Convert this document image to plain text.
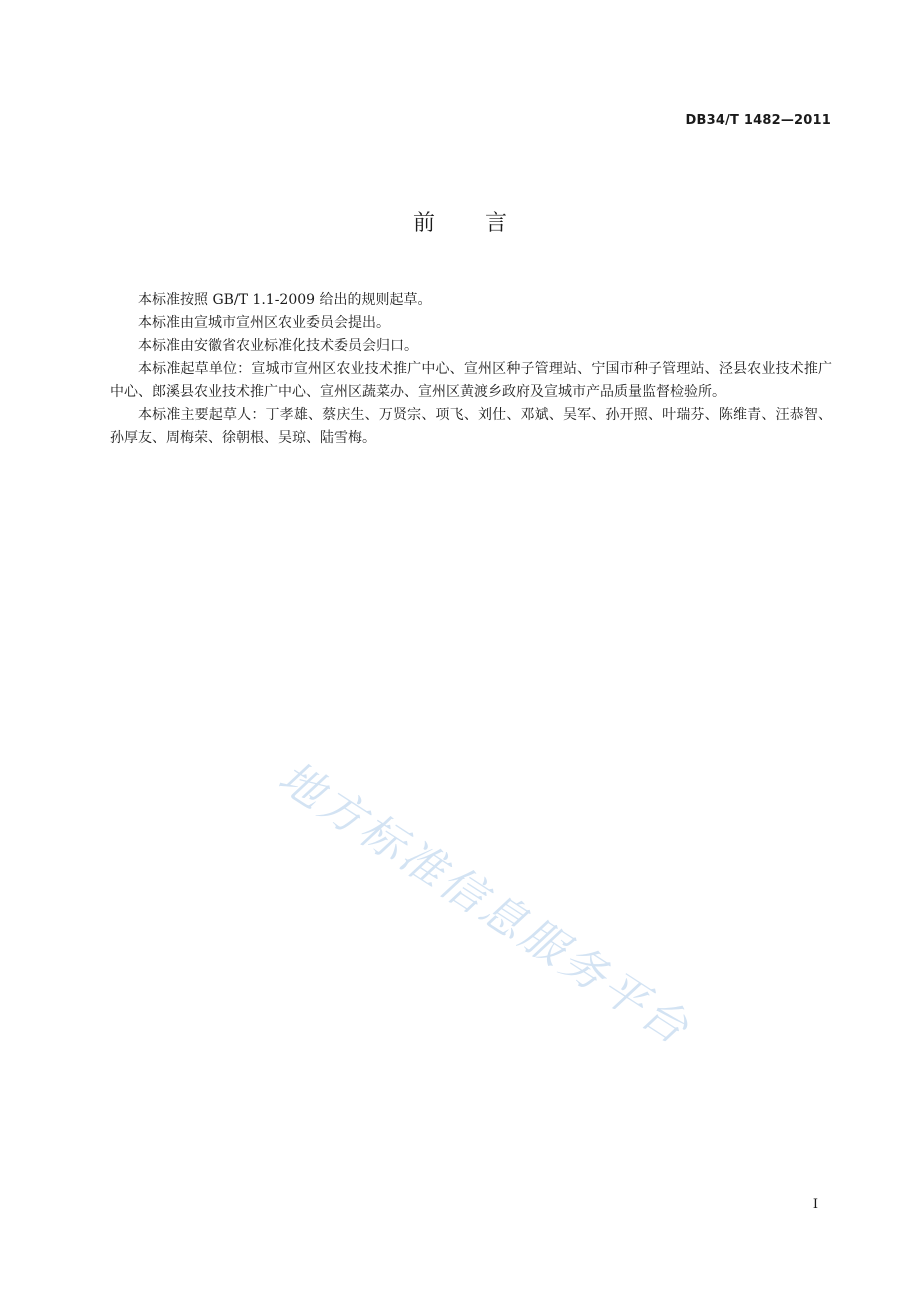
DB34/T 1482—2011
前言

本标准按照 GB/T 1.1-2009 给出的规则起草。

本标准由宣城市宣州区农业委员会提出。

本标准由安徽省农业标准化技术委员会归口。

本标准起草单位：宣城市宣州区农业技术推广中心、宣州区种子管理站、宁国市种子管理站、泾县农业技术推广中心、郎溪县农业技术推广中心、宣州区蔬菜办、宣州区黄渡乡政府及宣城市产品质量监督检验所。

本标准主要起草人：丁孝雄、蔡庆生、万贤宗、项飞、刘仕、邓斌、吴军、孙开照、叶瑞芬、陈维青、汪恭智、孙厚友、周梅荣、徐朝根、吴琼、陆雪梅。

地方标准信息服务平台
I
